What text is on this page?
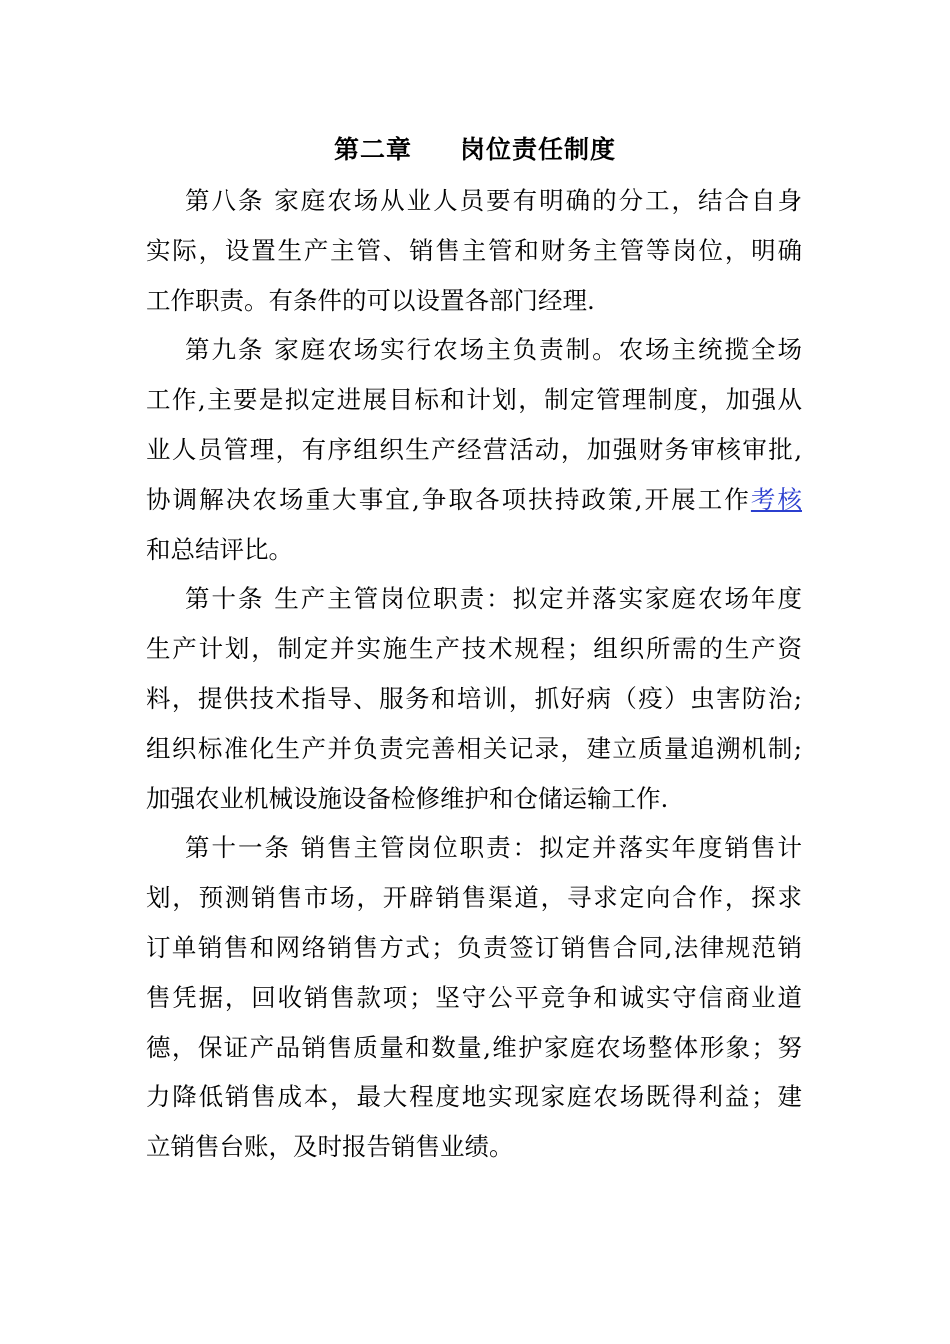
第二章 岗位责任制度
第八条 家庭农场从业人员要有明确的分工，结合自身
实际，设置生产主管、销售主管和财务主管等岗位，明确
工作职责。有条件的可以设置各部门经理.
第九条 家庭农场实行农场主负责制。农场主统揽全场
工作,主要是拟定进展目标和计划，制定管理制度，加强从
业人员管理，有序组织生产经营活动，加强财务审核审批,
协调解决农场重大事宜,争取各项扶持政策,开展工作考核
和总结评比。
第十条 生产主管岗位职责：拟定并落实家庭农场年度
生产计划，制定并实施生产技术规程；组织所需的生产资
料，提供技术指导、服务和培训，抓好病（疫）虫害防治;
组织标准化生产并负责完善相关记录，建立质量追溯机制;
加强农业机械设施设备检修维护和仓储运输工作.
第十一条 销售主管岗位职责：拟定并落实年度销售计
划，预测销售市场，开辟销售渠道，寻求定向合作，探求
订单销售和网络销售方式；负责签订销售合同,法律规范销
售凭据，回收销售款项；坚守公平竞争和诚实守信商业道
德，保证产品销售质量和数量,维护家庭农场整体形象；努
力降低销售成本，最大程度地实现家庭农场既得利益；建
立销售台账，及时报告销售业绩。
